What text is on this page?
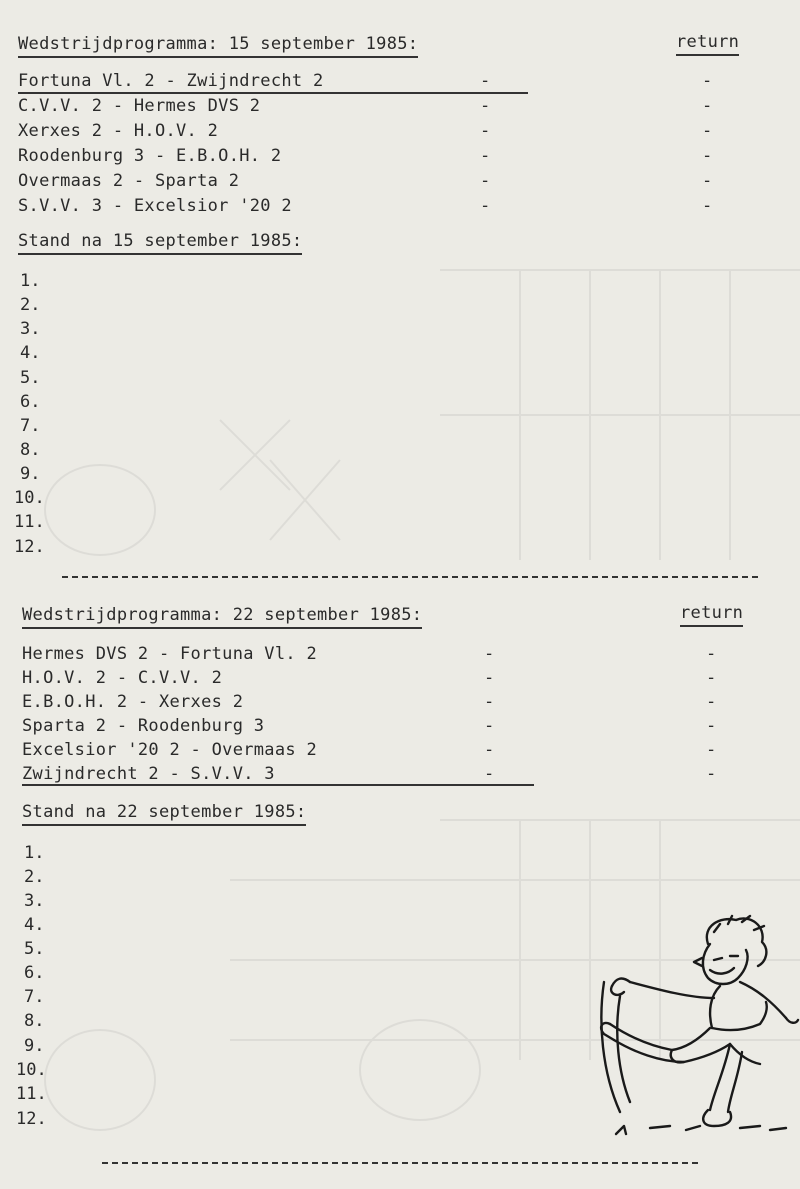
Wedstrijdprogramma: 15 september 1985:	return
Fortuna Vl. 2 - Zwijndrecht 2	-	-
C.V.V. 2 - Hermes DVS 2	-	-
Xerxes 2 - H.O.V. 2	-	-
Roodenburg 3 - E.B.O.H. 2	-	-
Overmaas 2 - Sparta 2	-	-
S.V.V. 3 - Excelsior '20 2	-	-
Stand na 15 september 1985:
1.
2.
3.
4.
5.
6.
7.
8.
9.
10.
11.
12.
Wedstrijdprogramma: 22 september 1985:	return
Hermes DVS 2 - Fortuna Vl. 2	-	-
H.O.V. 2 - C.V.V. 2	-	-
E.B.O.H. 2 - Xerxes 2	-	-
Sparta 2 - Roodenburg 3	-	-
Excelsior '20 2 - Overmaas 2	-	-
Zwijndrecht 2 - S.V.V. 3	-	-
Stand na 22 september 1985:
1.
2.
3.
4.
5.
6.
7.
8.
9.
10.
11.
12.
